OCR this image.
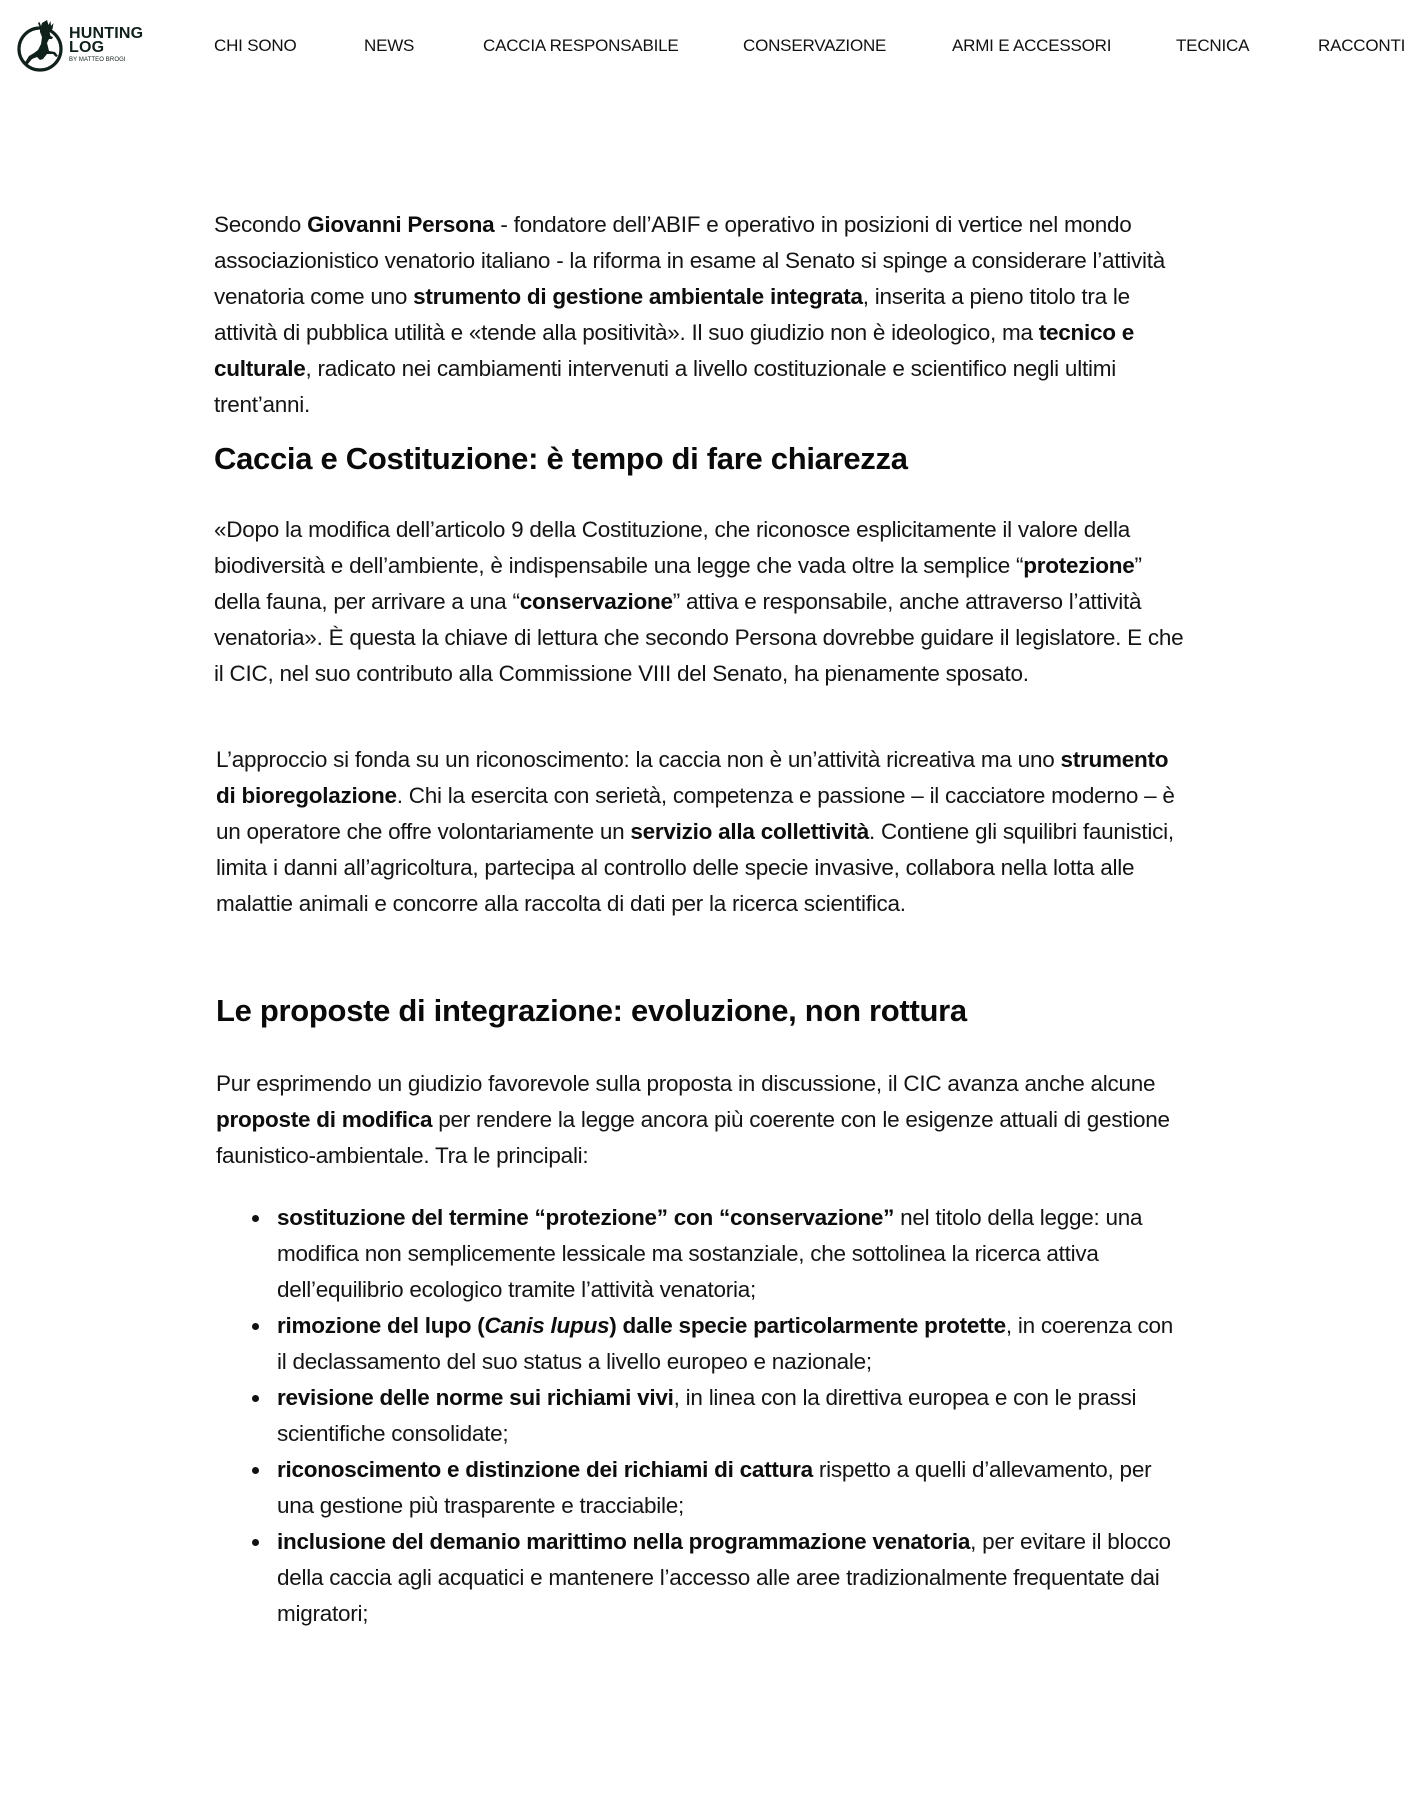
HUNTING
LOG
BY MATTEO BROGI
CHI SONO	NEWS	CACCIA RESPONSABILE	CONSERVAZIONE	ARMI E ACCESSORI	TECNICA	RACCONTI

Secondo Giovanni Persona - fondatore dell’ABIF e operativo in posizioni di vertice nel mondo associazionistico venatorio italiano - la riforma in esame al Senato si spinge a considerare l’attività venatoria come uno strumento di gestione ambientale integrata, inserita a pieno titolo tra le attività di pubblica utilità e «tende alla positività». Il suo giudizio non è ideologico, ma tecnico e culturale, radicato nei cambiamenti intervenuti a livello costituzionale e scientifico negli ultimi trent’anni.

Caccia e Costituzione: è tempo di fare chiarezza

«Dopo la modifica dell’articolo 9 della Costituzione, che riconosce esplicitamente il valore della biodiversità e dell’ambiente, è indispensabile una legge che vada oltre la semplice “protezione” della fauna, per arrivare a una “conservazione” attiva e responsabile, anche attraverso l’attività venatoria». È questa la chiave di lettura che secondo Persona dovrebbe guidare il legislatore. E che il CIC, nel suo contributo alla Commissione VIII del Senato, ha pienamente sposato.

L’approccio si fonda su un riconoscimento: la caccia non è un’attività ricreativa ma uno strumento di bioregolazione. Chi la esercita con serietà, competenza e passione – il cacciatore moderno – è un operatore che offre volontariamente un servizio alla collettività. Contiene gli squilibri faunistici, limita i danni all’agricoltura, partecipa al controllo delle specie invasive, collabora nella lotta alle malattie animali e concorre alla raccolta di dati per la ricerca scientifica.

Le proposte di integrazione: evoluzione, non rottura

Pur esprimendo un giudizio favorevole sulla proposta in discussione, il CIC avanza anche alcune proposte di modifica per rendere la legge ancora più coerente con le esigenze attuali di gestione faunistico-ambientale. Tra le principali:

sostituzione del termine “protezione” con “conservazione” nel titolo della legge: una modifica non semplicemente lessicale ma sostanziale, che sottolinea la ricerca attiva dell’equilibrio ecologico tramite l’attività venatoria;
rimozione del lupo (Canis lupus) dalle specie particolarmente protette, in coerenza con il declassamento del suo status a livello europeo e nazionale;
revisione delle norme sui richiami vivi, in linea con la direttiva europea e con le prassi scientifiche consolidate;
riconoscimento e distinzione dei richiami di cattura rispetto a quelli d’allevamento, per una gestione più trasparente e tracciabile;
inclusione del demanio marittimo nella programmazione venatoria, per evitare il blocco della caccia agli acquatici e mantenere l’accesso alle aree tradizionalmente frequentate dai migratori;
